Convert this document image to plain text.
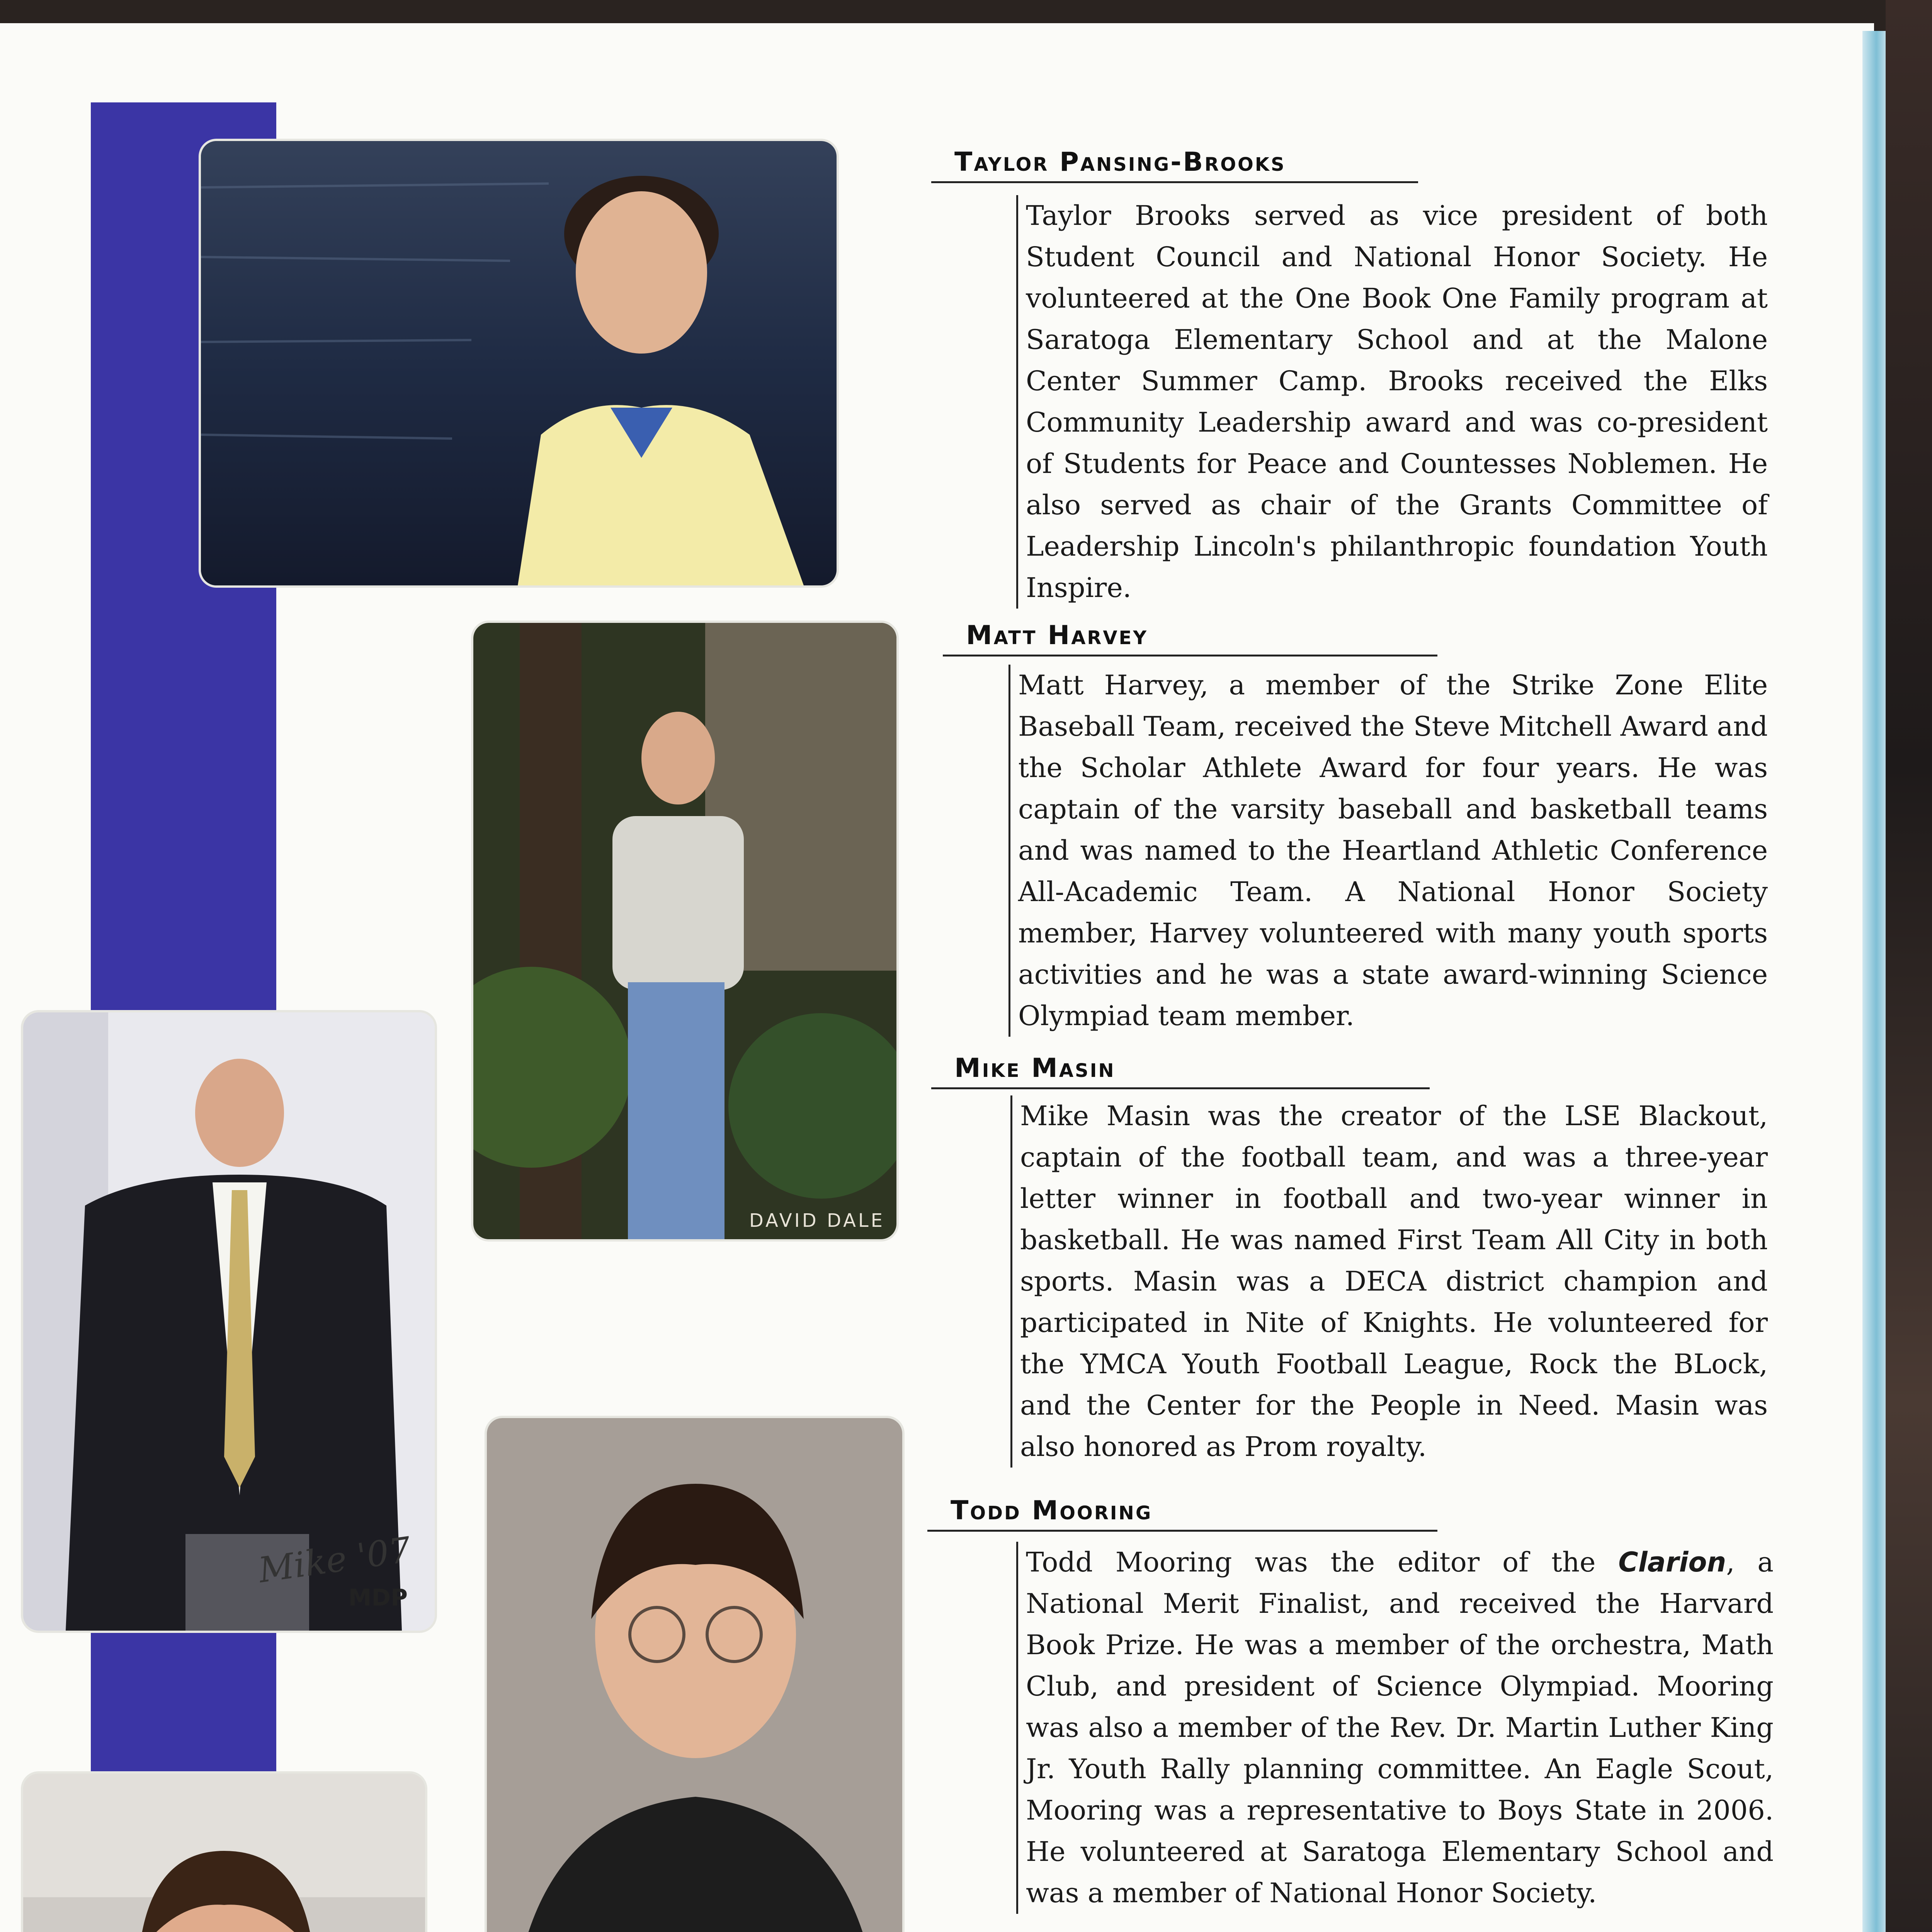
DAVID DALE
Mike '07
MDP
Taylor Pansing-Brooks
Taylor Brooks served as vice president of both Student Council and National Honor Society. He volunteered at the One Book One Family program at Saratoga Elementary School and at the Malone Center Summer Camp. Brooks received the Elks Community Leadership award and was co-president of Students for Peace and Countesses Noblemen. He also served as chair of the Grants Committee of Leadership Lincoln's philanthropic foundation Youth Inspire.
Matt Harvey
Matt Harvey, a member of the Strike Zone Elite Baseball Team, received the Steve Mitchell Award and the Scholar Athlete Award for four years. He was captain of the varsity baseball and basketball teams and was named to the Heartland Athletic Conference All-Academic Team. A National Honor Society member, Harvey volunteered with many youth sports activities and he was a state award-winning Science Olympiad team member.
Mike Masin
Mike Masin was the creator of the LSE Blackout, captain of the football team, and was a three-year letter winner in football and two-year winner in basketball. He was named First Team All City in both sports. Masin was a DECA district champion and participated in Nite of Knights. He volunteered for the YMCA Youth Football League, Rock the BLock, and the Center for the People in Need. Masin was also honored as Prom royalty.
Todd Mooring
Todd Mooring was the editor of the Clarion, a National Merit Finalist, and received the Harvard Book Prize. He was a member of the orchestra, Math Club, and president of Science Olympiad. Mooring was also a member of the Rev. Dr. Martin Luther King Jr. Youth Rally planning committee. An Eagle Scout, Mooring was a representative to Boys State in 2006. He volunteered at Saratoga Elementary School and was a member of National Honor Society.
